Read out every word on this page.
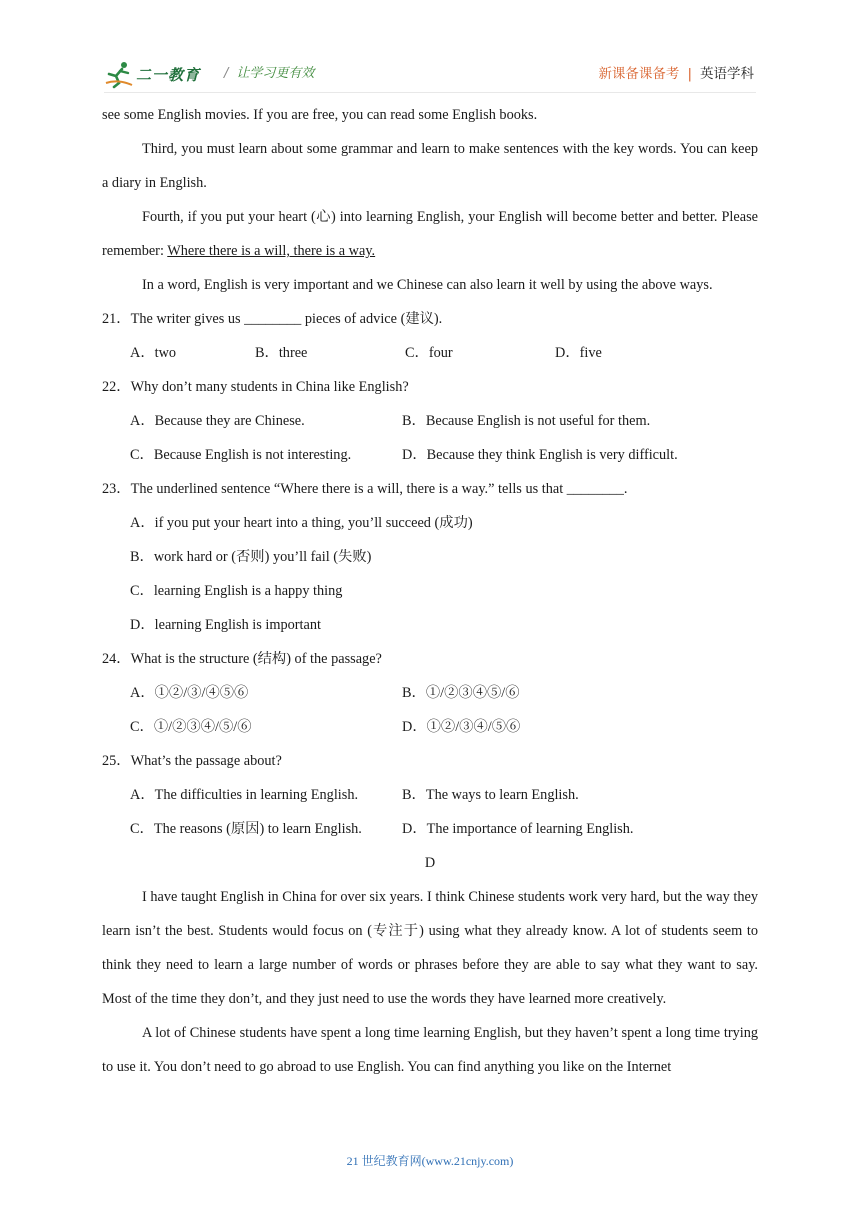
二一教育 / 让学习更有效	新课备课备考 | 英语学科

see some English movies. If you are free, you can read some English books.

Third, you must learn about some grammar and learn to make sentences with the key words. You can keep a diary in English.

Fourth, if you put your heart (心) into learning English, your English will become better and better. Please remember: Where there is a will, there is a way.

In a word, English is very important and we Chinese can also learn it well by using the above ways.

21．The writer gives us ________ pieces of advice (建议).

A．two	B．three	C．four	D．five

22．Why don’t many students in China like English?

A．Because they are Chinese.	B．Because English is not useful for them.
C．Because English is not interesting.	D．Because they think English is very difficult.

23．The underlined sentence “Where there is a will, there is a way.” tells us that ________.

A．if you put your heart into a thing, you’ll succeed (成功)

B．work hard or (否则) you’ll fail (失败)

C．learning English is a happy thing

D．learning English is important

24．What is the structure (结构) of the passage?

A．①②/③/④⑤⑥	B．①/②③④⑤/⑥
C．①/②③④/⑤/⑥	D．①②/③④/⑤⑥

25．What’s the passage about?

A．The difficulties in learning English.	B．The ways to learn English.
C．The reasons (原因) to learn English.	D．The importance of learning English.

D

I have taught English in China for over six years. I think Chinese students work very hard, but the way they learn isn’t the best. Students would focus on (专注于) using what they already know. A lot of students seem to think they need to learn a large number of words or phrases before they are able to say what they want to say. Most of the time they don’t, and they just need to use the words they have learned more creatively.

A lot of Chinese students have spent a long time learning English, but they haven’t spent a long time trying to use it. You don’t need to go abroad to use English. You can find anything you like on the Internet

21 世纪教育网(www.21cnjy.com)
